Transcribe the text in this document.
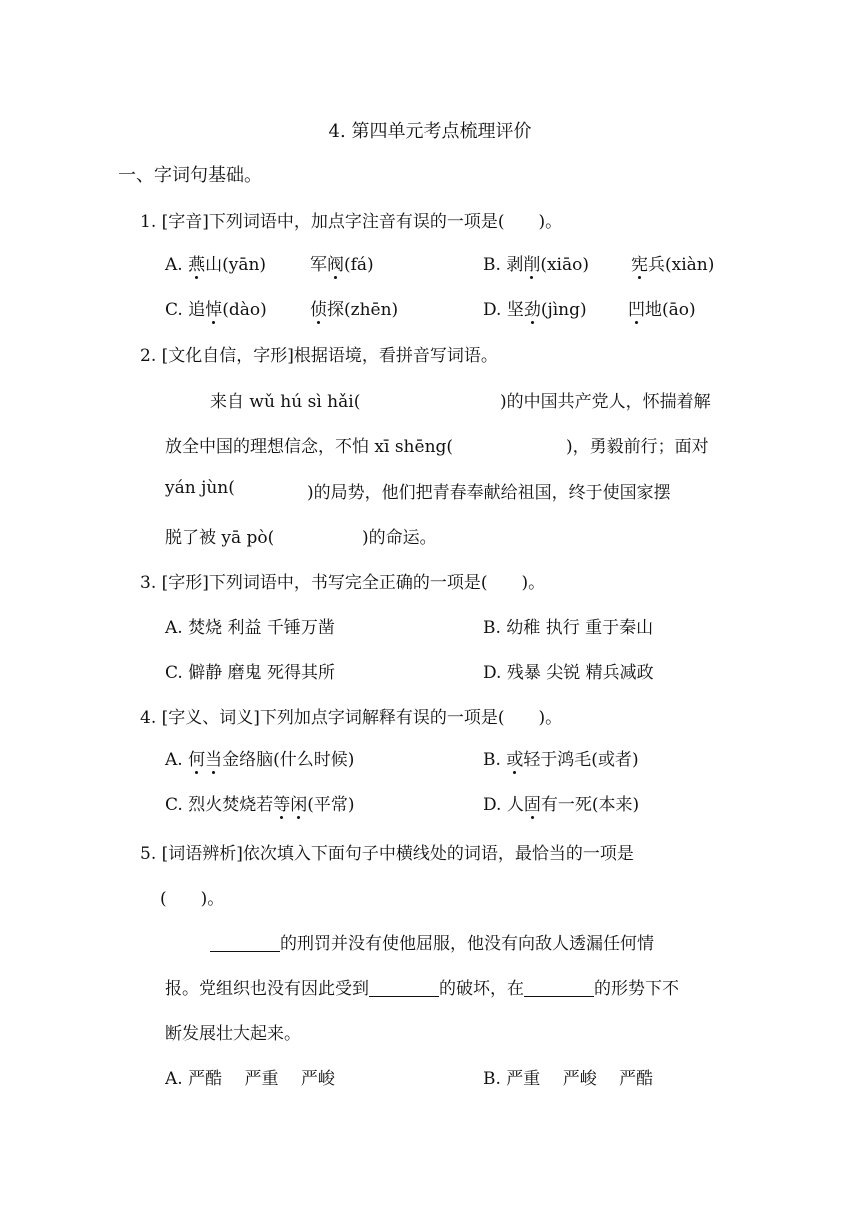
4. 第四单元考点梳理评价
一、字词句基础。
1. [字音]下列词语中，加点字注音有误的一项是(　　)。
A. 燕山(yān)	军阀(fá)	B. 剥削(xiāo) 宪兵(xiàn)
C. 追悼(dào)	侦探(zhēn)	D. 坚劲(jìng) 凹地(āo)
2. [文化自信，字形]根据语境，看拼音写词语。
来自 wǔ hú sì hǎi(	)的中国共产党人，怀揣着解
放全中国的理想信念，不怕 xī shēng(	)，勇毅前行；面对
yán jùn(	)的局势，他们把青春奉献给祖国，终于使国家摆
脱了被 yā pò(	)的命运。
3. [字形]下列词语中，书写完全正确的一项是(　　)。
A. 焚烧 利益 千锤万凿	B. 幼稚 执行 重于秦山
C. 僻静 磨鬼 死得其所	D. 残暴 尖锐 精兵减政
4. [字义、词义]下列加点字词解释有误的一项是(　　)。
A. 何当金络脑(什么时候)	B. 或轻于鸿毛(或者)
C. 烈火焚烧若等闲(平常)	D. 人固有一死(本来)
5. [词语辨析]依次填入下面句子中横线处的词语，最恰当的一项是
(　　)。
的刑罚并没有使他屈服，他没有向敌人透漏任何情
报。党组织也没有因此受到	的破坏，在	的形势下不
断发展壮大起来。
A. 严酷　 严重　 严峻	B. 严重　 严峻　 严酷
